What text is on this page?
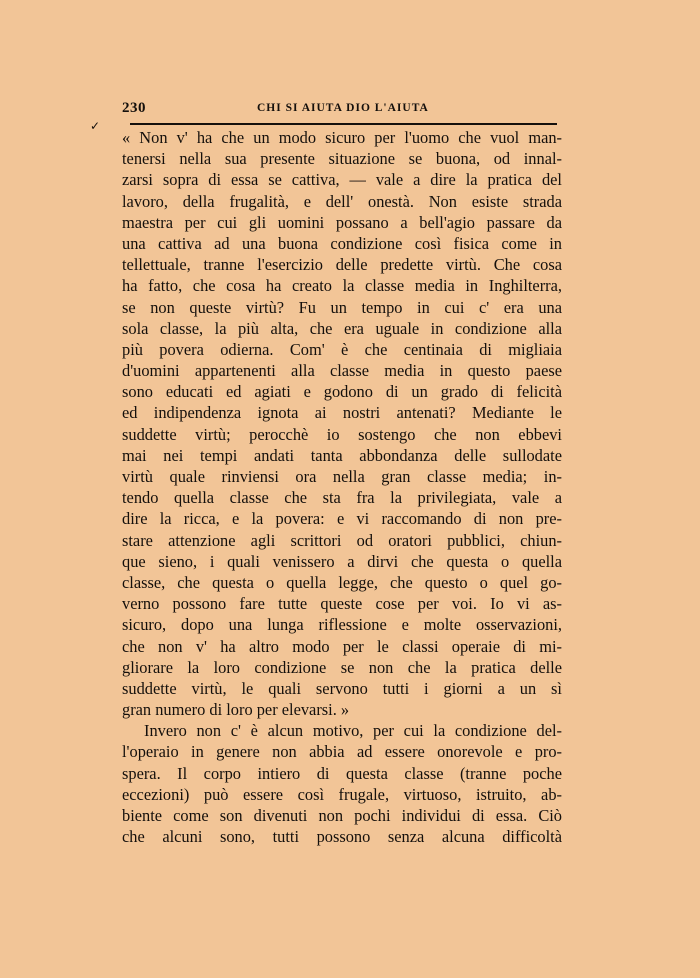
230	CHI SI AIUTA DIO L'AIUTA
✓
« Non v' ha che un modo sicuro per l'uomo che vuol man-
tenersi nella sua presente situazione se buona, od innal-
zarsi sopra di essa se cattiva, — vale a dire la pratica del
lavoro, della frugalità, e dell' onestà. Non esiste strada
maestra per cui gli uomini possano a bell'agio passare da
una cattiva ad una buona condizione così fisica come in
tellettuale, tranne l'esercizio delle predette virtù. Che cosa
ha fatto, che cosa ha creato la classe media in Inghilterra,
se non queste virtù? Fu un tempo in cui c' era una
sola classe, la più alta, che era uguale in condizione alla
più povera odierna. Com' è che centinaia di migliaia
d'uomini appartenenti alla classe media in questo paese
sono educati ed agiati e godono di un grado di felicità
ed indipendenza ignota ai nostri antenati? Mediante le
suddette virtù; perocchè io sostengo che non ebbevi
mai nei tempi andati tanta abbondanza delle sullodate
virtù quale rinviensi ora nella gran classe media; in-
tendo quella classe che sta fra la privilegiata, vale a
dire la ricca, e la povera: e vi raccomando di non pre-
stare attenzione agli scrittori od oratori pubblici, chiun-
que sieno, i quali venissero a dirvi che questa o quella
classe, che questa o quella legge, che questo o quel go-
verno possono fare tutte queste cose per voi. Io vi as-
sicuro, dopo una lunga riflessione e molte osservazioni,
che non v' ha altro modo per le classi operaie di mi-
gliorare la loro condizione se non che la pratica delle
suddette virtù, le quali servono tutti i giorni a un sì
gran numero di loro per elevarsi. »
Invero non c' è alcun motivo, per cui la condizione del-
l'operaio in genere non abbia ad essere onorevole e pro-
spera. Il corpo intiero di questa classe (tranne poche
eccezioni) può essere così frugale, virtuoso, istruito, ab-
biente come son divenuti non pochi individui di essa. Ciò
che alcuni sono, tutti possono senza alcuna difficoltà
